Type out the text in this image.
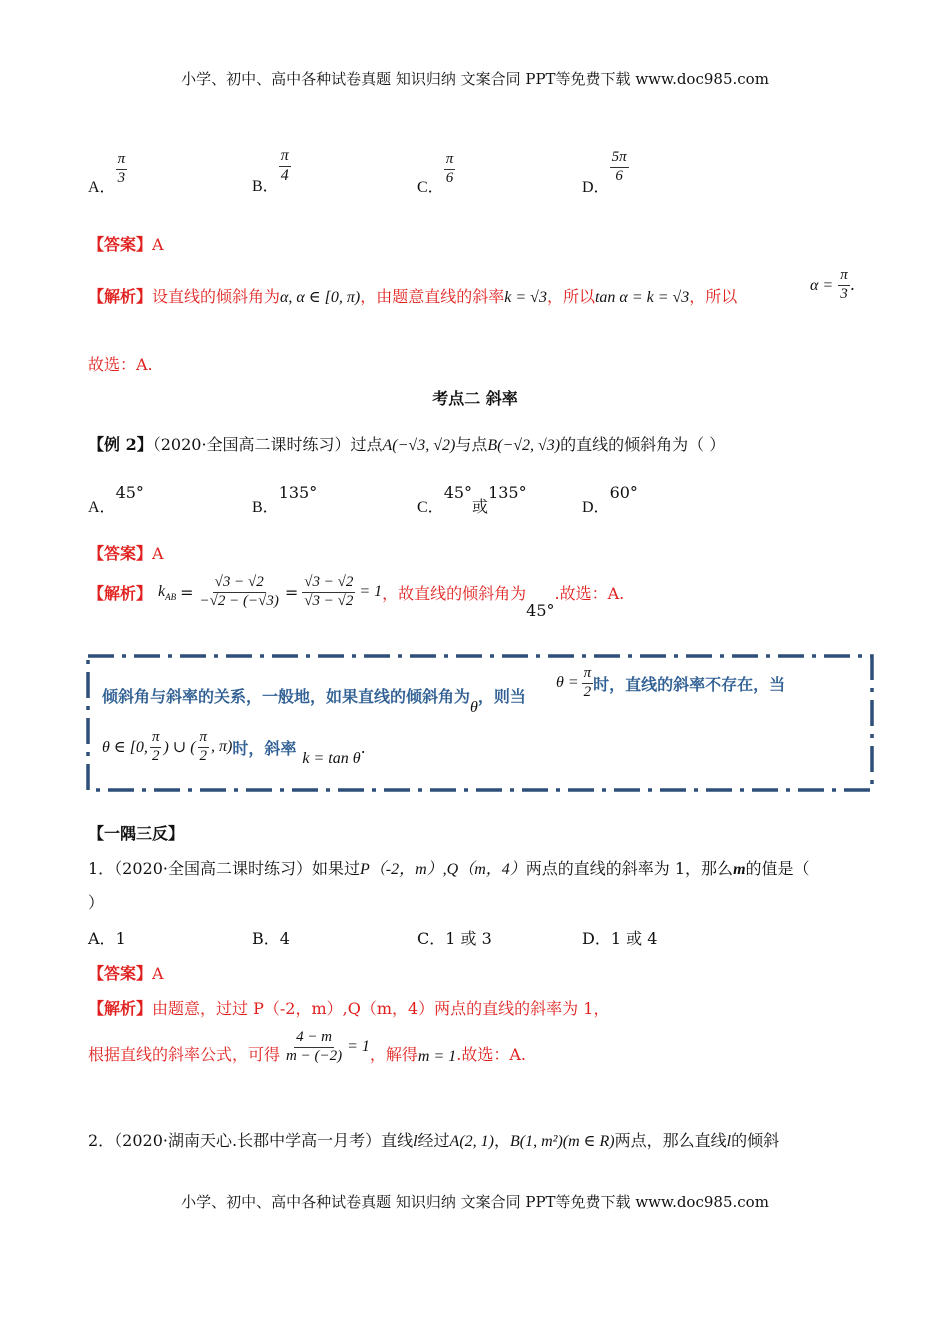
小学、初中、高中各种试卷真题 知识归纳 文案合同 PPT等免费下载 www.doc985.com
A．
$\frac{\pi}{3}$	B．
$\frac{\pi}{4}$
C．
$\frac{\pi}{6}$
D．
$\frac{5\pi}{6}$
【答案】A
【解析】设直线的倾斜角为α, α ∈ [0, π)，由题意直线的斜率k = √3，所以tan α = k = √3，所以
$\alpha = \frac{\pi}{3}$ .
故选：A.
考点二 斜率
【例 2】（2020·全国高二课时练习）过点A(−√3, √2)与点B(−√2, √3)的直线的倾斜角为（ ）
A．45°
B．135°
C．45°或135°
D．60°
【答案】A
【解析】 $k_{AB} = \frac{√3 - √2}{-√2 - (-√3)} = \frac{√3 - √2}{√3 - √2} = 1$ ，故直线的倾斜角为
45°
.故选：A.
倾斜角与斜率的关系，一般地，如果直线的倾斜角为θ，则当
$\theta = \frac{\pi}{2}$ 时，直线的斜率不存在，当
θ ∈ [0, $\frac{\pi}{2}$ ) ∪ ( $\frac{\pi}{2}$ , π) 时，斜率
k = tan θ
.
【一隅三反】
1．（2020·全国高二课时练习）如果过P（-2，m）,Q（m，4）两点的直线的斜率为 1，那么m的值是（
）
A．1	B．4	C．1 或 3	D．1 或 4
【答案】A
【解析】由题意，过过 P（-2，m）,Q（m，4）两点的直线的斜率为 1，
根据直线的斜率公式，可得 $\frac{4 - m}{m - (-2)} = 1$ ，解得 m = 1 .故选：A.
2．（2020·湖南天心.长郡中学高一月考）直线l经过A(2, 1)，B(1, m²)(m ∈ R)两点，那么直线l的倾斜
小学、初中、高中各种试卷真题 知识归纳 文案合同 PPT等免费下载 www.doc985.com
